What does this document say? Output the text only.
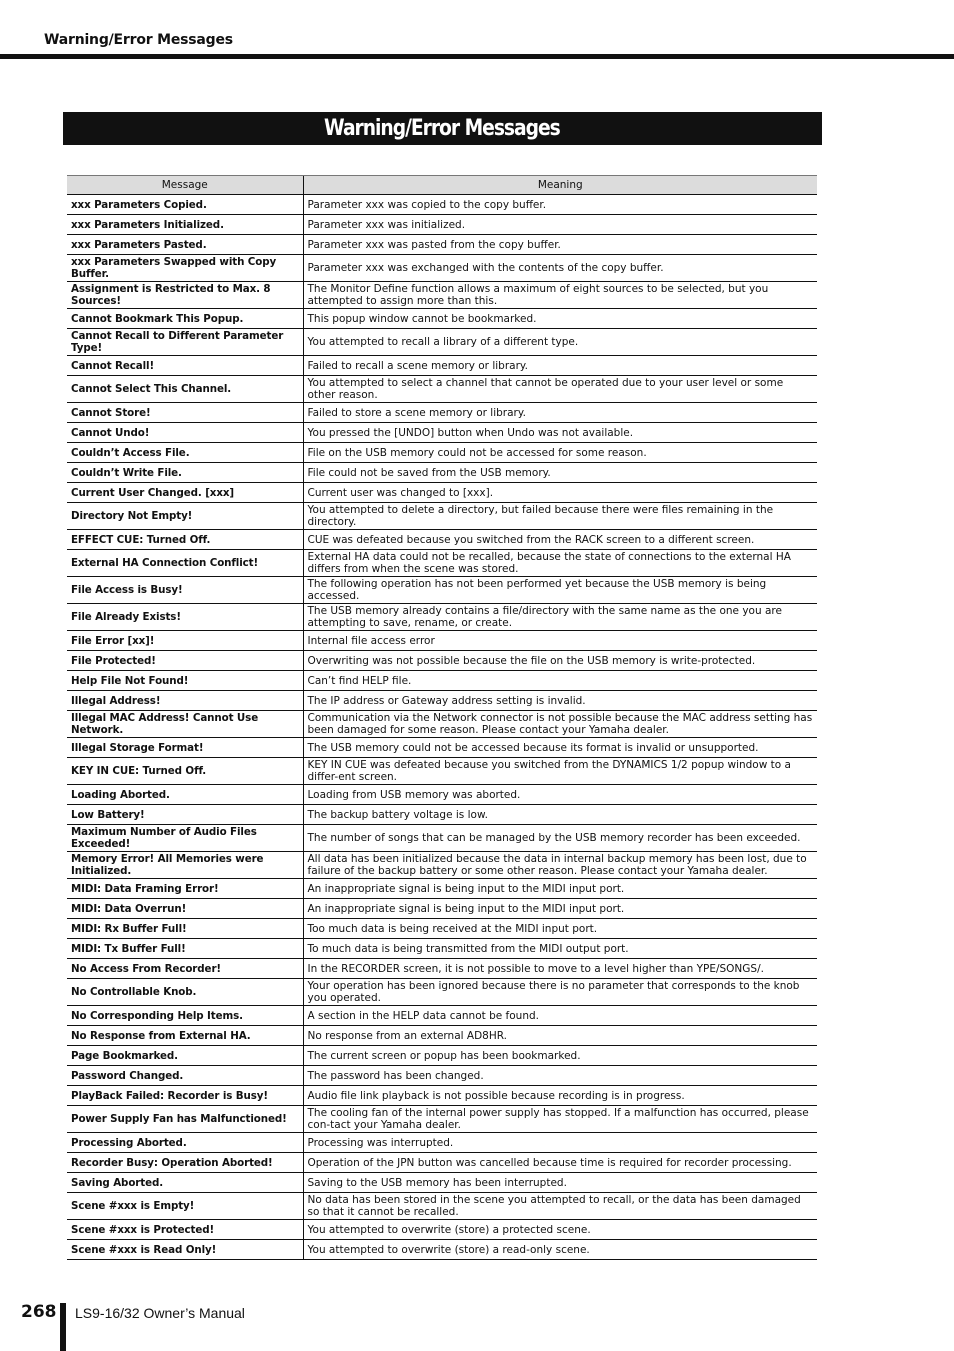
Warning/Error Messages
Warning/Error Messages
Message	Meaning
xxx Parameters Copied.	Parameter xxx was copied to the copy buffer.
xxx Parameters Initialized.	Parameter xxx was initialized.
xxx Parameters Pasted.	Parameter xxx was pasted from the copy buffer.
xxx Parameters Swapped with Copy Buffer.	Parameter xxx was exchanged with the contents of the copy buffer.
Assignment is Restricted to Max. 8 Sources!	The Monitor Define function allows a maximum of eight sources to be selected, but you attempted to assign more than this.
Cannot Bookmark This Popup.	This popup window cannot be bookmarked.
Cannot Recall to Different Parameter Type!	You attempted to recall a library of a different type.
Cannot Recall!	Failed to recall a scene memory or library.
Cannot Select This Channel.	You attempted to select a channel that cannot be operated due to your user level or some other reason.
Cannot Store!	Failed to store a scene memory or library.
Cannot Undo!	You pressed the [UNDO] button when Undo was not available.
Couldn’t Access File.	File on the USB memory could not be accessed for some reason.
Couldn’t Write File.	File could not be saved from the USB memory.
Current User Changed. [xxx]	Current user was changed to [xxx].
Directory Not Empty!	You attempted to delete a directory, but failed because there were files remaining in the directory.
EFFECT CUE: Turned Off.	CUE was defeated because you switched from the RACK screen to a different screen.
External HA Connection Conflict!	External HA data could not be recalled, because the state of connections to the external HA differs from when the scene was stored.
File Access is Busy!	The following operation has not been performed yet because the USB memory is being accessed.
File Already Exists!	The USB memory already contains a file/directory with the same name as the one you are attempting to save, rename, or create.
File Error [xx]!	Internal file access error
File Protected!	Overwriting was not possible because the file on the USB memory is write-protected.
Help File Not Found!	Can’t find HELP file.
Illegal Address!	The IP address or Gateway address setting is invalid.
Illegal MAC Address! Cannot Use Network.	Communication via the Network connector is not possible because the MAC address setting has been damaged for some reason. Please contact your Yamaha dealer.
Illegal Storage Format!	The USB memory could not be accessed because its format is invalid or unsupported.
KEY IN CUE: Turned Off.	KEY IN CUE was defeated because you switched from the DYNAMICS 1/2 popup window to a differ-ent screen.
Loading Aborted.	Loading from USB memory was aborted.
Low Battery!	The backup battery voltage is low.
Maximum Number of Audio Files Exceeded!	The number of songs that can be managed by the USB memory recorder has been exceeded.
Memory Error! All Memories were Initialized.	All data has been initialized because the data in internal backup memory has been lost, due to failure of the backup battery or some other reason. Please contact your Yamaha dealer.
MIDI: Data Framing Error!	An inappropriate signal is being input to the MIDI input port.
MIDI: Data Overrun!	An inappropriate signal is being input to the MIDI input port.
MIDI: Rx Buffer Full!	Too much data is being received at the MIDI input port.
MIDI: Tx Buffer Full!	To much data is being transmitted from the MIDI output port.
No Access From Recorder!	In the RECORDER screen, it is not possible to move to a level higher than YPE/SONGS/.
No Controllable Knob.	Your operation has been ignored because there is no parameter that corresponds to the knob you operated.
No Corresponding Help Items.	A section in the HELP data cannot be found.
No Response from External HA.	No response from an external AD8HR.
Page Bookmarked.	The current screen or popup has been bookmarked.
Password Changed.	The password has been changed.
PlayBack Failed: Recorder is Busy!	Audio file link playback is not possible because recording is in progress.
Power Supply Fan has Malfunctioned!	The cooling fan of the internal power supply has stopped. If a malfunction has occurred, please con-tact your Yamaha dealer.
Processing Aborted.	Processing was interrupted.
Recorder Busy: Operation Aborted!	Operation of the JPN button was cancelled because time is required for recorder processing.
Saving Aborted.	Saving to the USB memory has been interrupted.
Scene #xxx is Empty!	No data has been stored in the scene you attempted to recall, or the data has been damaged so that it cannot be recalled.
Scene #xxx is Protected!	You attempted to overwrite (store) a protected scene.
Scene #xxx is Read Only!	You attempted to overwrite (store) a read-only scene.
268 LS9-16/32 Owner’s Manual
